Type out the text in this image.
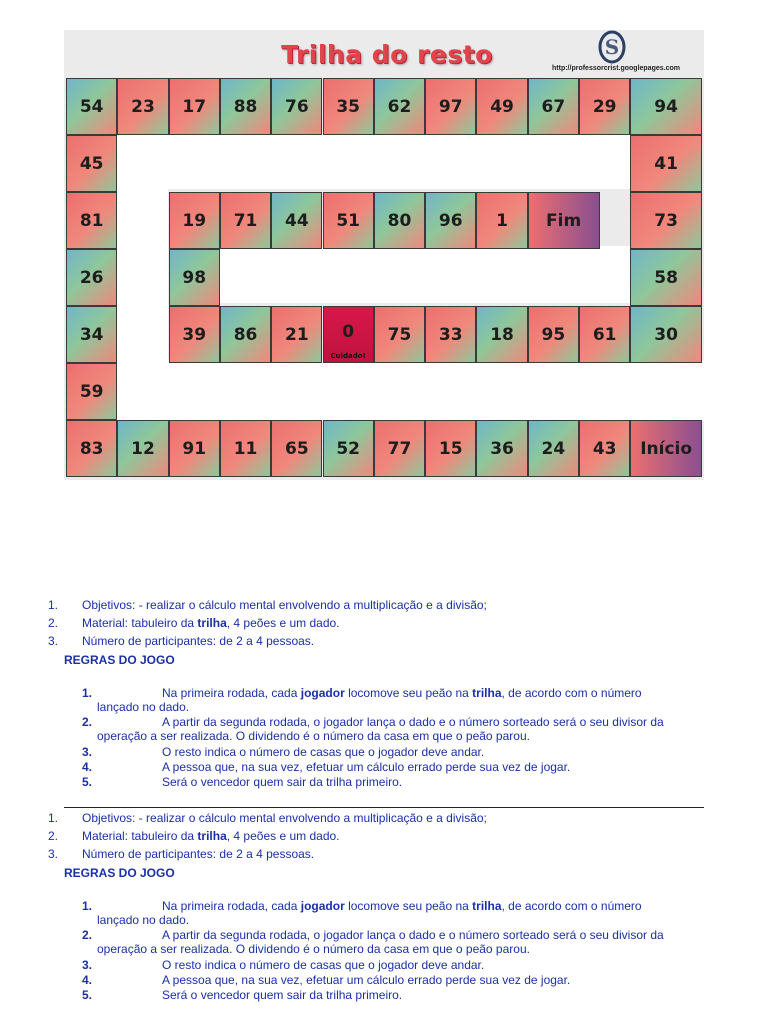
Trilha do resto	S
http://professorcrist.googlepages.com
54 23 17 88 76 35 62 97 49 67 29 94
45	41
81	19 71 44 51 80 96 1 Fim	73
26	98	58
34	39 86 21 0
Cuidado!
75 33 18 95 61 30
59
83 12 91 11 65 52 77 15 36 24 43 Início
1. Objetivos: - realizar o cálculo mental envolvendo a multiplicação e a divisão;
2. Material: tabuleiro da trilha, 4 peões e um dado.
3. Número de participantes: de 2 a 4 pessoas.
REGRAS DO JOGO
1.	Na primeira rodada, cada jogador locomove seu peão na trilha, de acordo com o número
lançado no dado.
2.	A partir da segunda rodada, o jogador lança o dado e o número sorteado será o seu divisor da
operação a ser realizada. O dividendo é o número da casa em que o peão parou.
3.	O resto indica o número de casas que o jogador deve andar.
4.	A pessoa que, na sua vez, efetuar um cálculo errado perde sua vez de jogar.
5.	Será o vencedor quem sair da trilha primeiro.
1. Objetivos: - realizar o cálculo mental envolvendo a multiplicação e a divisão;
2. Material: tabuleiro da trilha, 4 peões e um dado.
3. Número de participantes: de 2 a 4 pessoas.
REGRAS DO JOGO
1.	Na primeira rodada, cada jogador locomove seu peão na trilha, de acordo com o número
lançado no dado.
2.	A partir da segunda rodada, o jogador lança o dado e o número sorteado será o seu divisor da
operação a ser realizada. O dividendo é o número da casa em que o peão parou.
3.	O resto indica o número de casas que o jogador deve andar.
4.	A pessoa que, na sua vez, efetuar um cálculo errado perde sua vez de jogar.
5.	Será o vencedor quem sair da trilha primeiro.
